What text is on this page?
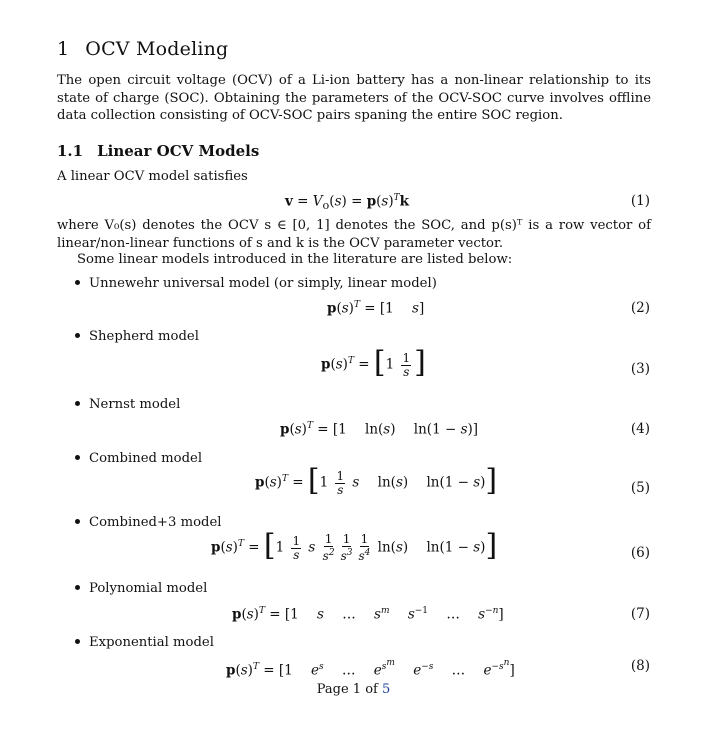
1 OCV Modeling
The open circuit voltage (OCV) of a Li-ion battery has a non-linear relationship to its state of charge (SOC). Obtaining the parameters of the OCV-SOC curve involves offline data collection consisting of OCV-SOC pairs spaning the entire SOC region.
1.1 Linear OCV Models
A linear OCV model satisfies
$v = V_o(s) = p(s)^Tk$	(1)
where V₀(s) denotes the OCV s ∈ [0, 1] denotes the SOC, and p(s)ᵀ is a row vector of linear/non-linear functions of s and k is the OCV parameter vector.
Some linear models introduced in the literature are listed below:
Unnewehr universal model (or simply, linear model)
$p(s)^T = [1$ s]	(2)
Shepherd model
$p(s)^T = [1 \frac{1}{s}$ ]	(3)
Nernst model
$p(s)^T = [1$ ln(s) ln(1 − s)]	(4)
Combined model
$p(s)^T = [1 \frac{1}{s}$ s ln(s) ln(1 − s)]	(5)
Combined+3 model
$p(s)^T = [1 \frac{1}{s}$ s $\frac{1}{s^2} \frac{1}{s^3} \frac{1}{s^4} \ln(s) \ln(1 - s)$]	(6)
Polynomial model
$p(s)^T = [1$ s … $s^m$ $s^{-1}$ … $s^{-n}$]	(7)
Exponential model
$p(s)^T = [1$ $e^s$ … $e^{s^m}$ $e^{-s}$ … $e^{-s^n}$]	(8)
Page 1 of 5
